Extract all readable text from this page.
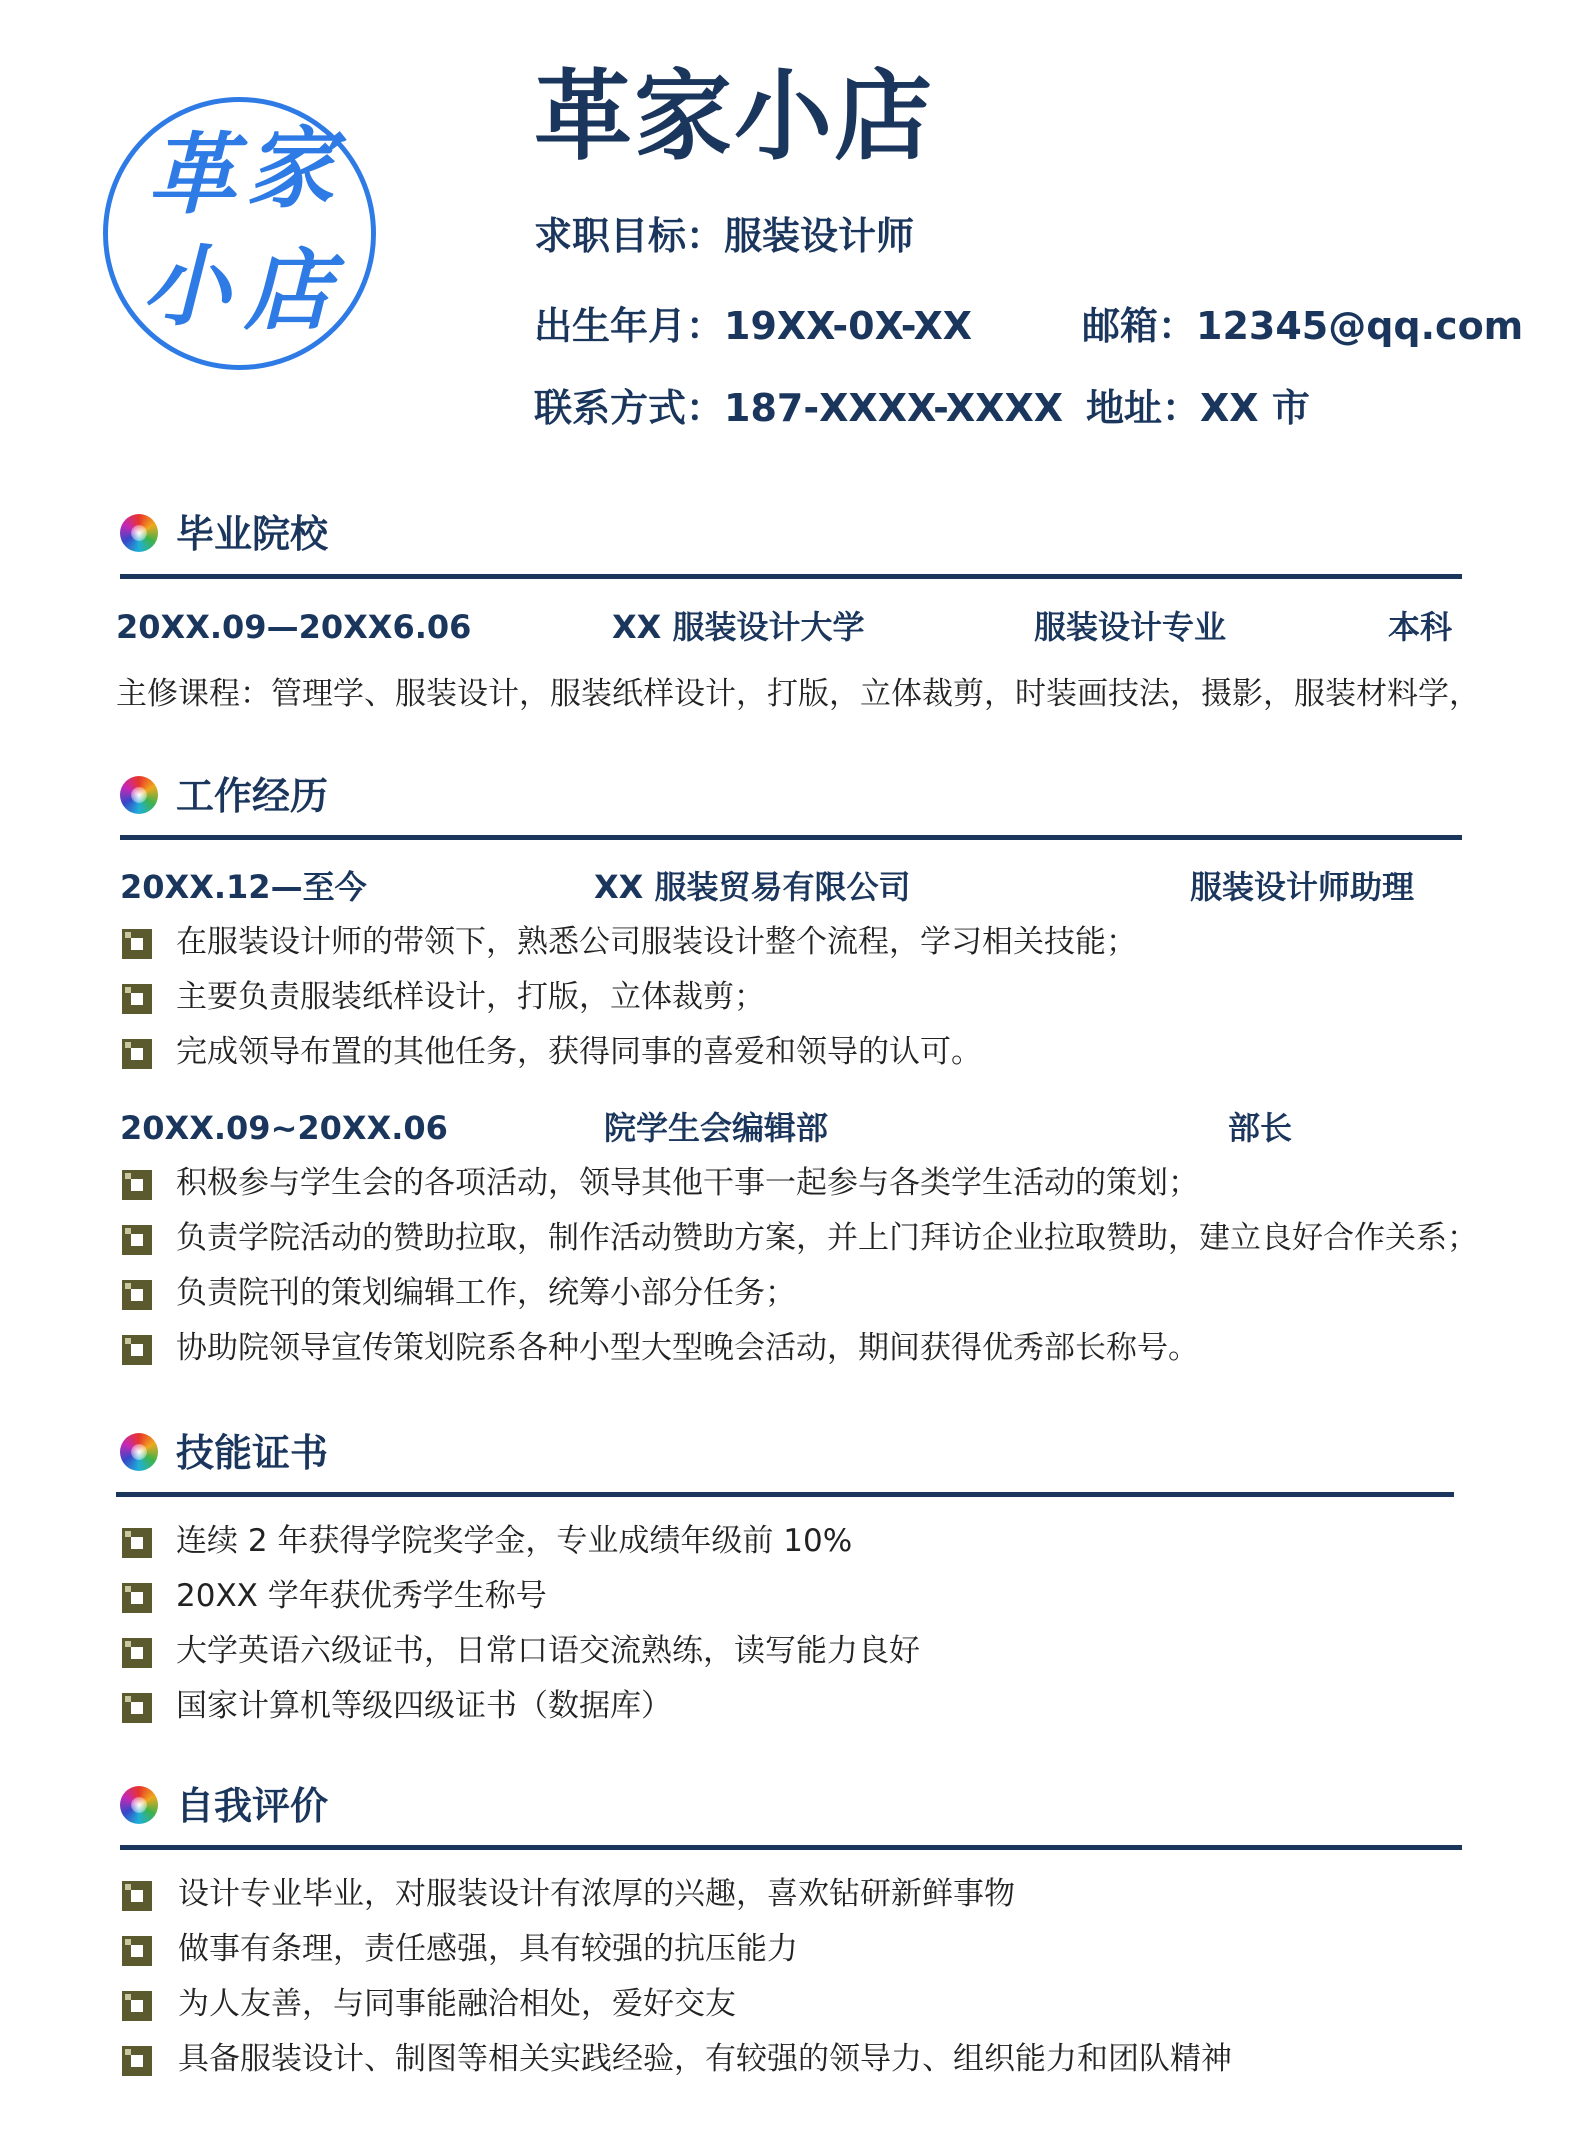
革 家
小 店
革家小店
求职目标：服装设计师
出生年月：19XX-0X-XX	邮箱：12345@qq.com
联系方式：187-XXXX-XXXX 地址：XX 市
毕业院校
20XX.09—20XX6.06	XX 服装设计大学	服装设计专业	本科
主修课程：管理学、服装设计，服装纸样设计，打版，立体裁剪，时装画技法，摄影，服装材料学，
工作经历
20XX.12—至今	XX 服装贸易有限公司	服装设计师助理
在服装设计师的带领下，熟悉公司服装设计整个流程，学习相关技能；
主要负责服装纸样设计，打版，立体裁剪；
完成领导布置的其他任务，获得同事的喜爱和领导的认可。
20XX.09~20XX.06	院学生会编辑部	部长
积极参与学生会的各项活动，领导其他干事一起参与各类学生活动的策划；
负责学院活动的赞助拉取，制作活动赞助方案，并上门拜访企业拉取赞助，建立良好合作关系；
负责院刊的策划编辑工作，统筹小部分任务；
协助院领导宣传策划院系各种小型大型晚会活动，期间获得优秀部长称号。
技能证书
连续 2 年获得学院奖学金，专业成绩年级前 10%
20XX 学年获优秀学生称号
大学英语六级证书，日常口语交流熟练，读写能力良好
国家计算机等级四级证书（数据库）
自我评价
设计专业毕业，对服装设计有浓厚的兴趣，喜欢钻研新鲜事物
做事有条理，责任感强，具有较强的抗压能力
为人友善，与同事能融洽相处，爱好交友
具备服装设计、制图等相关实践经验，有较强的领导力、组织能力和团队精神
